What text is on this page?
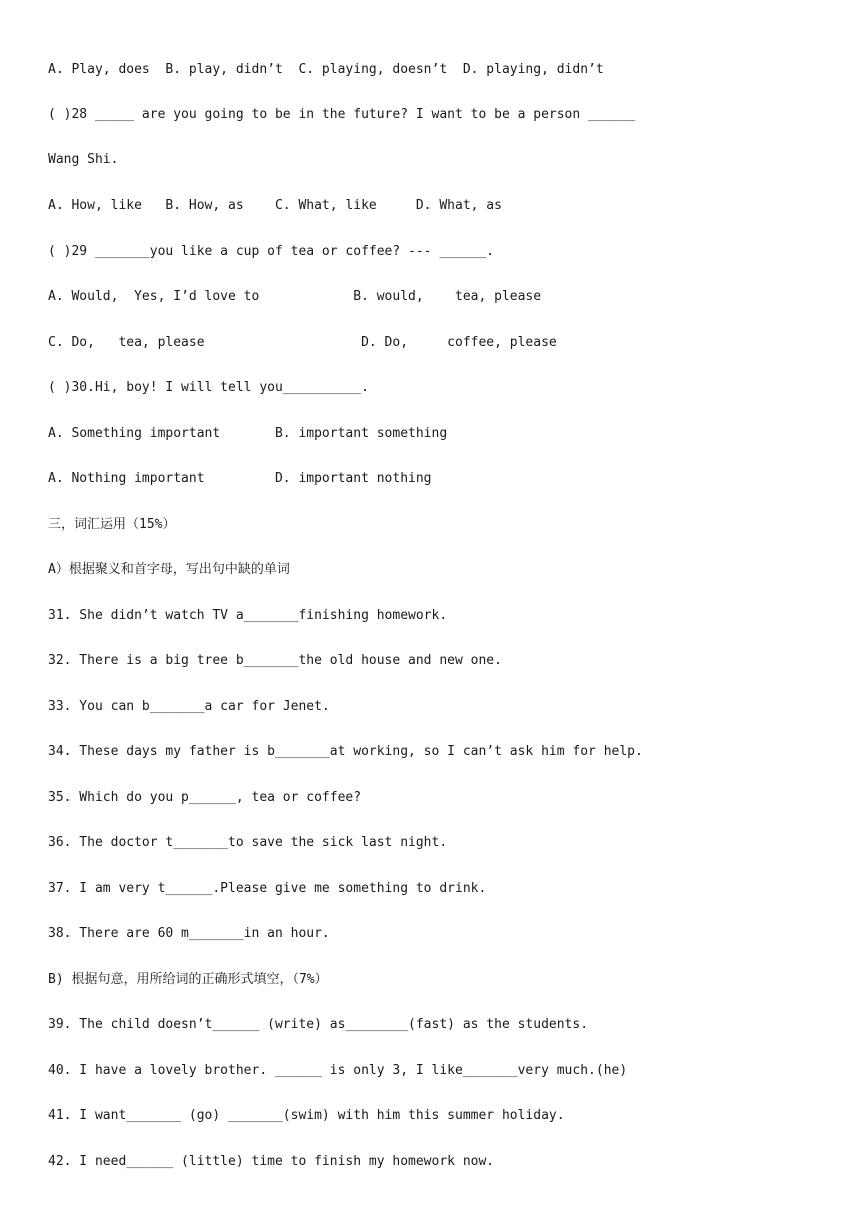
A. Play, does  B. play, didn’t  C. playing, doesn’t  D. playing, didn’t
( )28 _____ are you going to be in the future? I want to be a person ______
Wang Shi.
A. How, like   B. How, as    C. What, like     D. What, as
( )29 _______you like a cup of tea or coffee? --- ______.
A. Would,  Yes, I’d love to            B. would,    tea, please
C. Do,   tea, please                    D. Do,     coffee, please
( )30.Hi, boy! I will tell you__________.
A. Something important       B. important something
A. Nothing important         D. important nothing
三，词汇运用（15%）
A）根据聚义和首字母，写出句中缺的单词
31. She didn’t watch TV a_______finishing homework.
32. There is a big tree b_______the old house and new one.
33. You can b_______a car for Jenet.
34. These days my father is b_______at working, so I can’t ask him for help.
35. Which do you p______, tea or coffee?
36. The doctor t_______to save the sick last night.
37. I am very t______.Please give me something to drink.
38. There are 60 m_______in an hour.
B) 根据句意，用所给词的正确形式填空，（7%）
39. The child doesn’t______ (write) as________(fast) as the students.
40. I have a lovely brother. ______ is only 3, I like_______very much.(he)
41. I want_______ (go) _______(swim) with him this summer holiday.
42. I need______ (little) time to finish my homework now.
